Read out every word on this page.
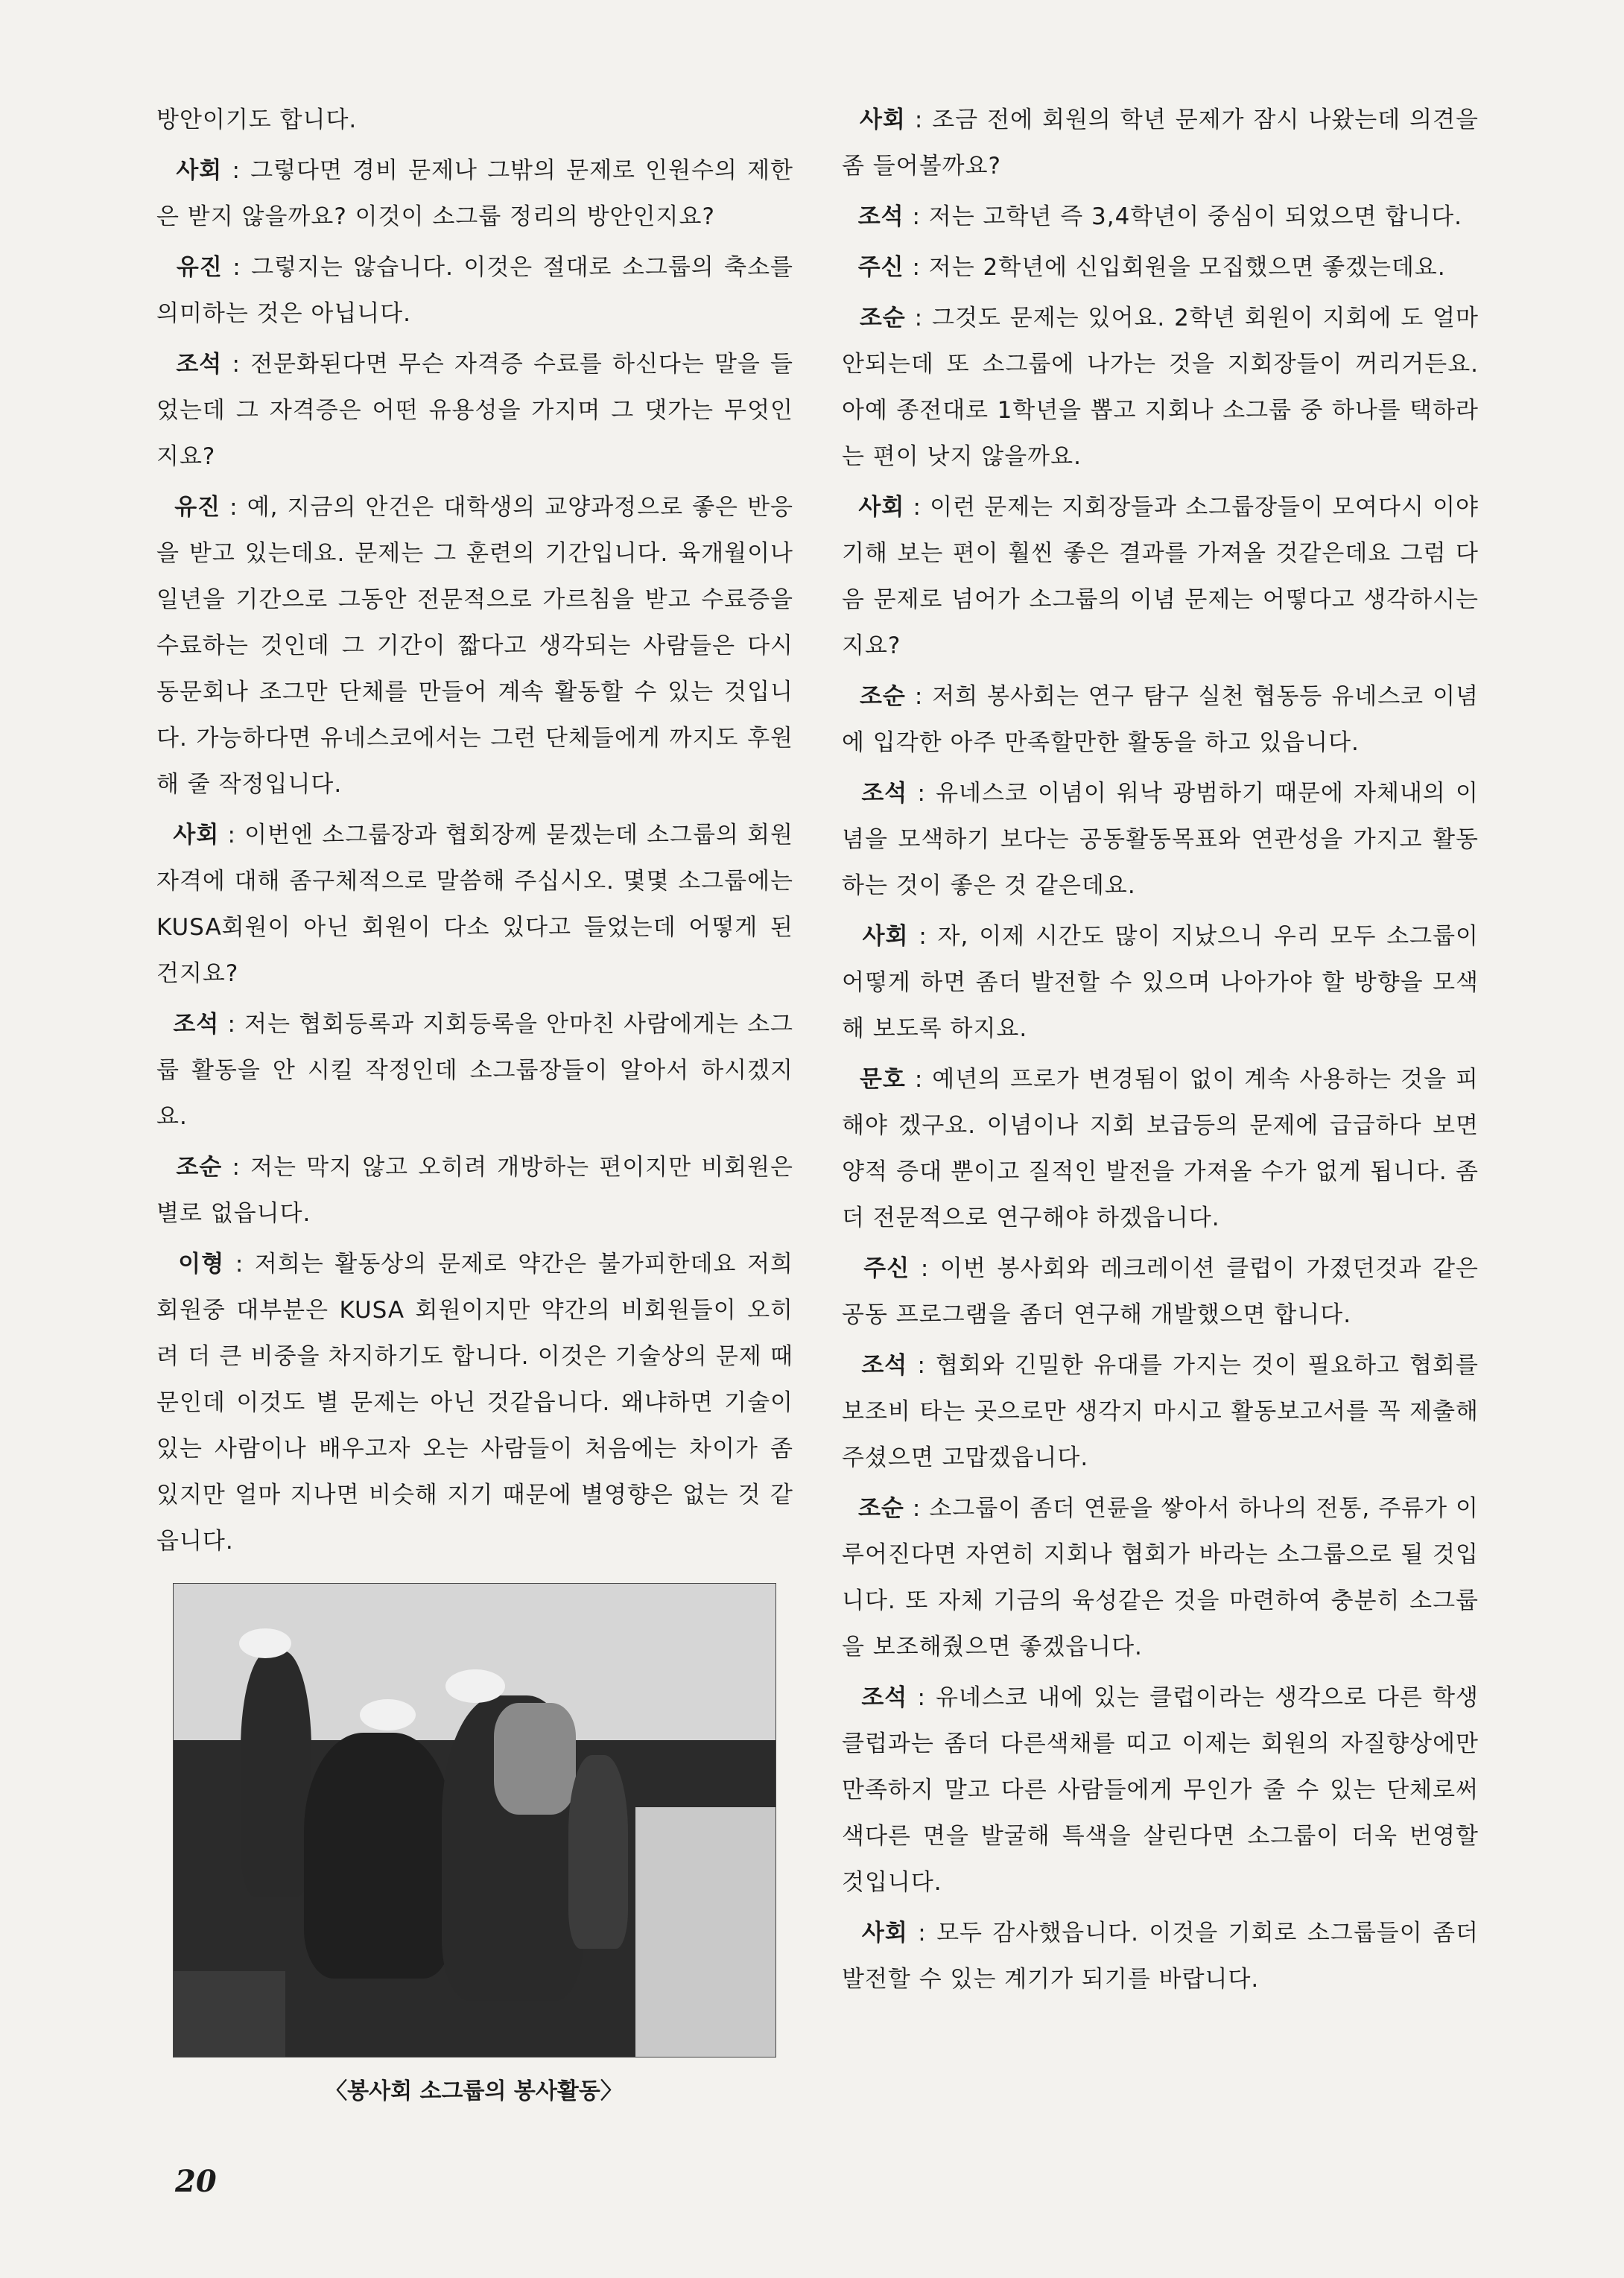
방안이기도 합니다.

사회 : 그렇다면 경비 문제나 그밖의 문제로 인원수의 제한은 받지 않을까요? 이것이 소그룹 정리의 방안인지요?

유진 : 그렇지는 않습니다. 이것은 절대로 소그룹의 축소를 의미하는 것은 아닙니다.

조석 : 전문화된다면 무슨 자격증 수료를 하신다는 말을 들었는데 그 자격증은 어떤 유용성을 가지며 그 댓가는 무엇인지요?

유진 : 예, 지금의 안건은 대학생의 교양과정으로 좋은 반응을 받고 있는데요. 문제는 그 훈련의 기간입니다. 육개월이나 일년을 기간으로 그동안 전문적으로 가르침을 받고 수료증을 수료하는 것인데 그 기간이 짧다고 생각되는 사람들은 다시 동문회나 조그만 단체를 만들어 계속 활동할 수 있는 것입니다. 가능하다면 유네스코에서는 그런 단체들에게 까지도 후원해 줄 작정입니다.

사회 : 이번엔 소그룹장과 협회장께 묻겠는데 소그룹의 회원 자격에 대해 좀구체적으로 말씀해 주십시오. 몇몇 소그룹에는 KUSA회원이 아닌 회원이 다소 있다고 들었는데 어떻게 된 건지요?

조석 : 저는 협회등록과 지회등록을 안마친 사람에게는 소그룹 활동을 안 시킬 작정인데 소그룹장들이 알아서 하시겠지요.

조순 : 저는 막지 않고 오히려 개방하는 편이지만 비회원은 별로 없읍니다.

이형 : 저희는 활동상의 문제로 약간은 불가피한데요 저희 회원중 대부분은 KUSA 회원이지만 약간의 비회원들이 오히려 더 큰 비중을 차지하기도 합니다. 이것은 기술상의 문제 때문인데 이것도 별 문제는 아닌 것같읍니다. 왜냐하면 기술이 있는 사람이나 배우고자 오는 사람들이 처음에는 차이가 좀 있지만 얼마 지나면 비슷해 지기 때문에 별영향은 없는 것 같읍니다.

〈봉사회 소그룹의 봉사활동〉

사회 : 조금 전에 회원의 학년 문제가 잠시 나왔는데 의견을 좀 들어볼까요?

조석 : 저는 고학년 즉 3,4학년이 중심이 되었으면 합니다.

주신 : 저는 2학년에 신입회원을 모집했으면 좋겠는데요.

조순 : 그것도 문제는 있어요. 2학년 회원이 지회에 도 얼마 안되는데 또 소그룹에 나가는 것을 지회장들이 꺼리거든요. 아예 종전대로 1학년을 뽑고 지회나 소그룹 중 하나를 택하라는 편이 낫지 않을까요.

사회 : 이런 문제는 지회장들과 소그룹장들이 모여다시 이야기해 보는 편이 훨씬 좋은 결과를 가져올 것같은데요 그럼 다음 문제로 넘어가 소그룹의 이념 문제는 어떻다고 생각하시는지요?

조순 : 저희 봉사회는 연구 탐구 실천 협동등 유네스코 이념에 입각한 아주 만족할만한 활동을 하고 있읍니다.

조석 : 유네스코 이념이 워낙 광범하기 때문에 자체내의 이념을 모색하기 보다는 공동활동목표와 연관성을 가지고 활동하는 것이 좋은 것 같은데요.

사회 : 자, 이제 시간도 많이 지났으니 우리 모두 소그룹이 어떻게 하면 좀더 발전할 수 있으며 나아가야 할 방향을 모색해 보도록 하지요.

문호 : 예년의 프로가 변경됨이 없이 계속 사용하는 것을 피해야 겠구요. 이념이나 지회 보급등의 문제에 급급하다 보면 양적 증대 뿐이고 질적인 발전을 가져올 수가 없게 됩니다. 좀 더 전문적으로 연구해야 하겠읍니다.

주신 : 이번 봉사회와 레크레이션 클럽이 가졌던것과 같은 공동 프로그램을 좀더 연구해 개발했으면 합니다.

조석 : 협회와 긴밀한 유대를 가지는 것이 필요하고 협회를 보조비 타는 곳으로만 생각지 마시고 활동보고서를 꼭 제출해주셨으면 고맙겠읍니다.

조순 : 소그룹이 좀더 연륜을 쌓아서 하나의 전통, 주류가 이루어진다면 자연히 지회나 협회가 바라는 소그룹으로 될 것입니다. 또 자체 기금의 육성같은 것을 마련하여 충분히 소그룹을 보조해줬으면 좋겠읍니다.

조석 : 유네스코 내에 있는 클럽이라는 생각으로 다른 학생클럽과는 좀더 다른색채를 띠고 이제는 회원의 자질향상에만 만족하지 말고 다른 사람들에게 무인가 줄 수 있는 단체로써 색다른 면을 발굴해 특색을 살린다면 소그룹이 더욱 번영할 것입니다.

사회 : 모두 감사했읍니다. 이것을 기회로 소그룹들이 좀더 발전할 수 있는 계기가 되기를 바랍니다.

20
